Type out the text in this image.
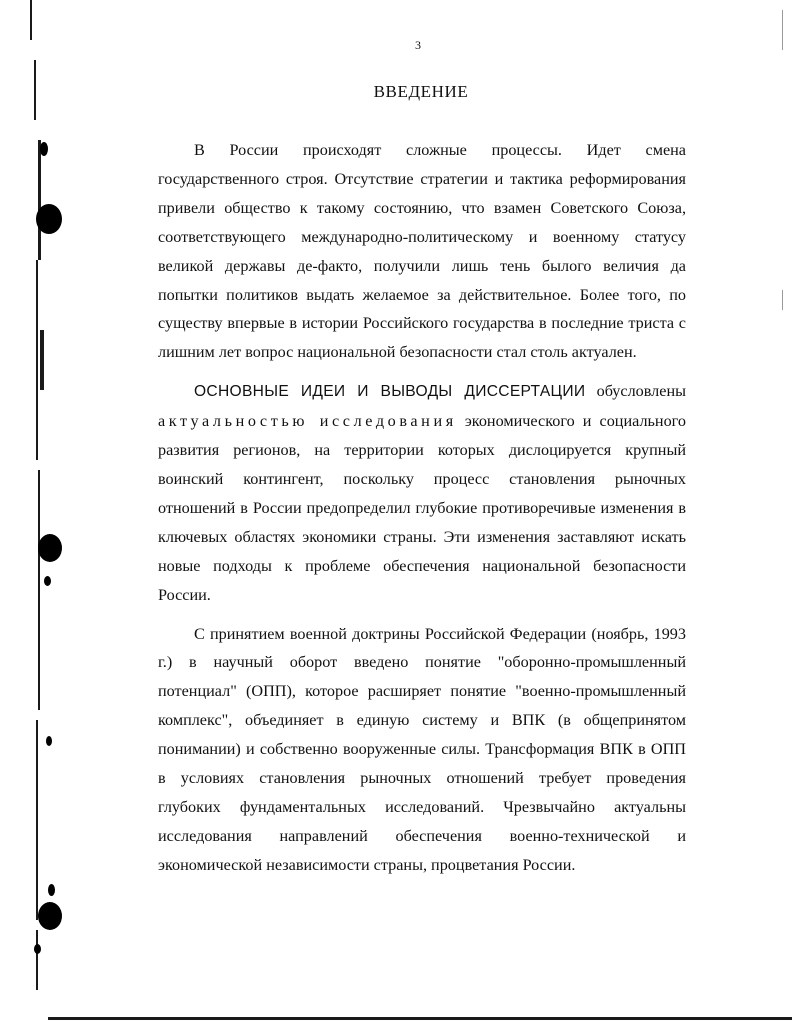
3
ВВЕДЕНИЕ

В России происходят сложные процессы. Идет смена государственного строя. Отсутствие стратегии и тактика реформирования привели общество к такому состоянию, что взамен Советского Союза, соответствующего международно-политическому и военному статусу великой державы де-факто, получили лишь тень былого величия да попытки политиков выдать желаемое за действительное. Более того, по существу впервые в истории Российского государства в последние триста с лишним лет вопрос национальной безопасности стал столь актуален.

ОСНОВНЫЕ ИДЕИ И ВЫВОДЫ ДИССЕРТАЦИИ обусловлены актуальностью исследования экономического и социального развития регионов, на территории которых дислоцируется крупный воинский контингент, поскольку процесс становления рыночных отношений в России предопределил глубокие противоречивые изменения в ключевых областях экономики страны. Эти изменения заставляют искать новые подходы к проблеме обеспечения национальной безопасности России.

С принятием военной доктрины Российской Федерации (ноябрь, 1993 г.) в научный оборот введено понятие "оборонно-промышленный потенциал" (ОПП), которое расширяет понятие "военно-промышленный комплекс", объединяет в единую систему и ВПК (в общепринятом понимании) и собственно вооруженные силы. Трансформация ВПК в ОПП в условиях становления рыночных отношений требует проведения глубоких фундаментальных исследований. Чрезвычайно актуальны исследования направлений обеспечения военно-технической и экономической независимости страны, процветания России.
